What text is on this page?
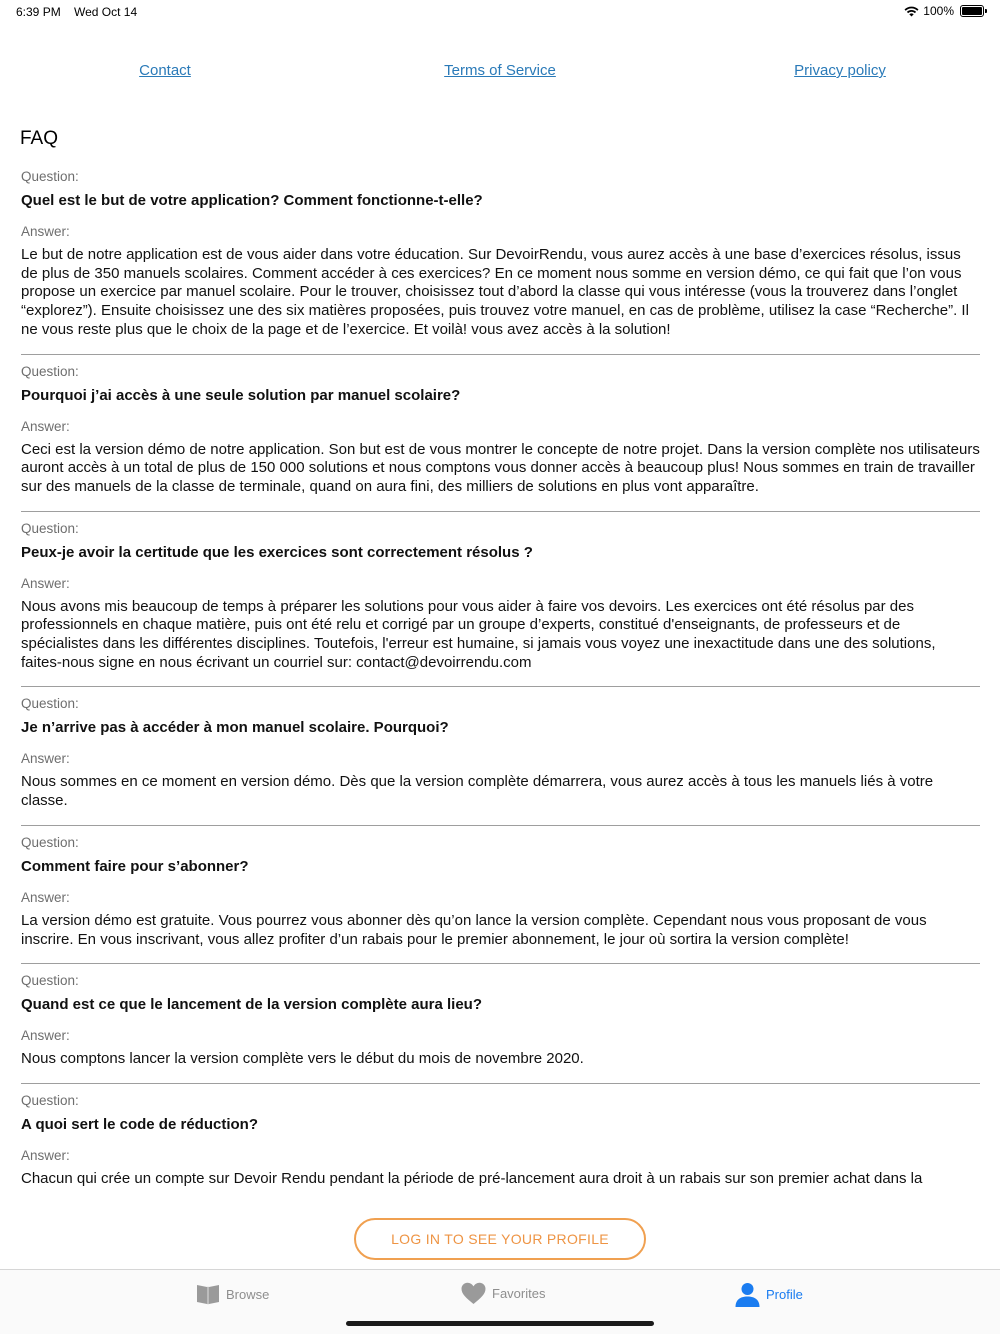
6:39 PM Wed Oct 14	100%
Contact	Terms of Service	Privacy policy
FAQ
Question:
Quel est le but de votre application? Comment fonctionne-t-elle?
Answer:
Le but de notre application est de vous aider dans votre éducation. Sur DevoirRendu, vous aurez accès à une base d’exercices résolus, issus de plus de 350 manuels scolaires. Comment accéder à ces exercices? En ce moment nous somme en version démo, ce qui fait que l’on vous propose un exercice par manuel scolaire. Pour le trouver, choisissez tout d’abord la classe qui vous intéresse (vous la trouverez dans l’onglet “explorez”). Ensuite choisissez une des six matières proposées, puis trouvez votre manuel, en cas de problème, utilisez la case “Recherche”. Il ne vous reste plus que le choix de la page et de l’exercice. Et voilà! vous avez accès à la solution!
Question:
Pourquoi j’ai accès à une seule solution par manuel scolaire?
Answer:
Ceci est la version démo de notre application. Son but est de vous montrer le concepte de notre projet. Dans la version complète nos utilisateurs auront accès à un total de plus de 150 000 solutions et nous comptons vous donner accès à beaucoup plus! Nous sommes en train de travailler sur des manuels de la classe de terminale, quand on aura fini, des milliers de solutions en plus vont apparaître.
Question:
Peux-je avoir la certitude que les exercices sont correctement résolus ?
Answer:
Nous avons mis beaucoup de temps à préparer les solutions pour vous aider à faire vos devoirs. Les exercices ont été résolus par des professionnels en chaque matière, puis ont été relu et corrigé par un groupe d’experts, constitué d'enseignants, de professeurs et de spécialistes dans les différentes disciplines. Toutefois, l'erreur est humaine, si jamais vous voyez une inexactitude dans une des solutions, faites-nous signe en nous écrivant un courriel sur: contact@devoirrendu.com
Question:
Je n’arrive pas à accéder à mon manuel scolaire. Pourquoi?
Answer:
Nous sommes en ce moment en version démo. Dès que la version complète démarrera, vous aurez accès à tous les manuels liés à votre classe.
Question:
Comment faire pour s’abonner?
Answer:
La version démo est gratuite. Vous pourrez vous abonner dès qu’on lance la version complète. Cependant nous vous proposant de vous inscrire. En vous inscrivant, vous allez profiter d’un rabais pour le premier abonnement, le jour où sortira la version complète!
Question:
Quand est ce que le lancement de la version complète aura lieu?
Answer:
Nous comptons lancer la version complète vers le début du mois de novembre 2020.
Question:
A quoi sert le code de réduction?
Answer:
Chacun qui crée un compte sur Devoir Rendu pendant la période de pré-lancement aura droit à un rabais sur son premier achat dans la
LOG IN TO SEE YOUR PROFILE
Browse	Favorites	Profile
